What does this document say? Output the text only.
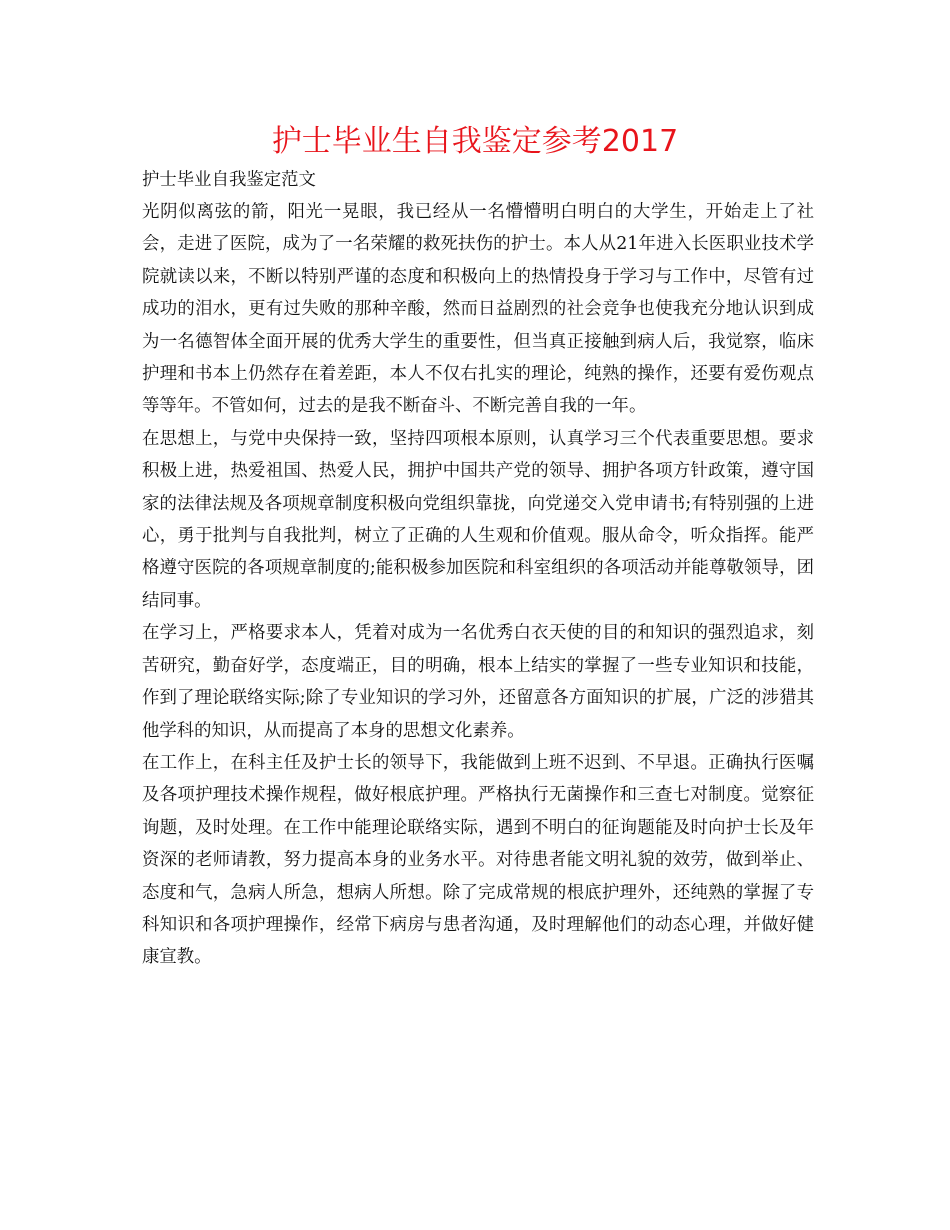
护士毕业生自我鉴定参考2017

护士毕业自我鉴定范文

光阴似离弦的箭，阳光一晃眼，我已经从一名懵懵明白明白的大学生，开始走上了社会，走进了医院，成为了一名荣耀的救死扶伤的护士。本人从21年进入长医职业技术学院就读以来，不断以特别严谨的态度和积极向上的热情投身于学习与工作中，尽管有过成功的泪水，更有过失败的那种辛酸，然而日益剧烈的社会竞争也使我充分地认识到成为一名德智体全面开展的优秀大学生的重要性，但当真正接触到病人后，我觉察，临床护理和书本上仍然存在着差距，本人不仅右扎实的理论，纯熟的操作，还要有爱伤观点等等年。不管如何，过去的是我不断奋斗、不断完善自我的一年。

在思想上，与党中央保持一致，坚持四项根本原则，认真学习三个代表重要思想。要求积极上进，热爱祖国、热爱人民，拥护中国共产党的领导、拥护各项方针政策，遵守国家的法律法规及各项规章制度积极向党组织靠拢，向党递交入党申请书;有特别强的上进心，勇于批判与自我批判，树立了正确的人生观和价值观。服从命令，听众指挥。能严格遵守医院的各项规章制度的;能积极参加医院和科室组织的各项活动并能尊敬领导，团结同事。

在学习上，严格要求本人，凭着对成为一名优秀白衣天使的目的和知识的强烈追求，刻苦研究，勤奋好学，态度端正，目的明确，根本上结实的掌握了一些专业知识和技能，作到了理论联络实际;除了专业知识的学习外，还留意各方面知识的扩展，广泛的涉猎其他学科的知识，从而提高了本身的思想文化素养。

在工作上，在科主任及护士长的领导下，我能做到上班不迟到、不早退。正确执行医嘱及各项护理技术操作规程，做好根底护理。严格执行无菌操作和三查七对制度。觉察征询题，及时处理。在工作中能理论联络实际，遇到不明白的征询题能及时向护士长及年资深的老师请教，努力提高本身的业务水平。对待患者能文明礼貌的效劳，做到举止、态度和气，急病人所急，想病人所想。除了完成常规的根底护理外，还纯熟的掌握了专科知识和各项护理操作，经常下病房与患者沟通，及时理解他们的动态心理，并做好健康宣教。
